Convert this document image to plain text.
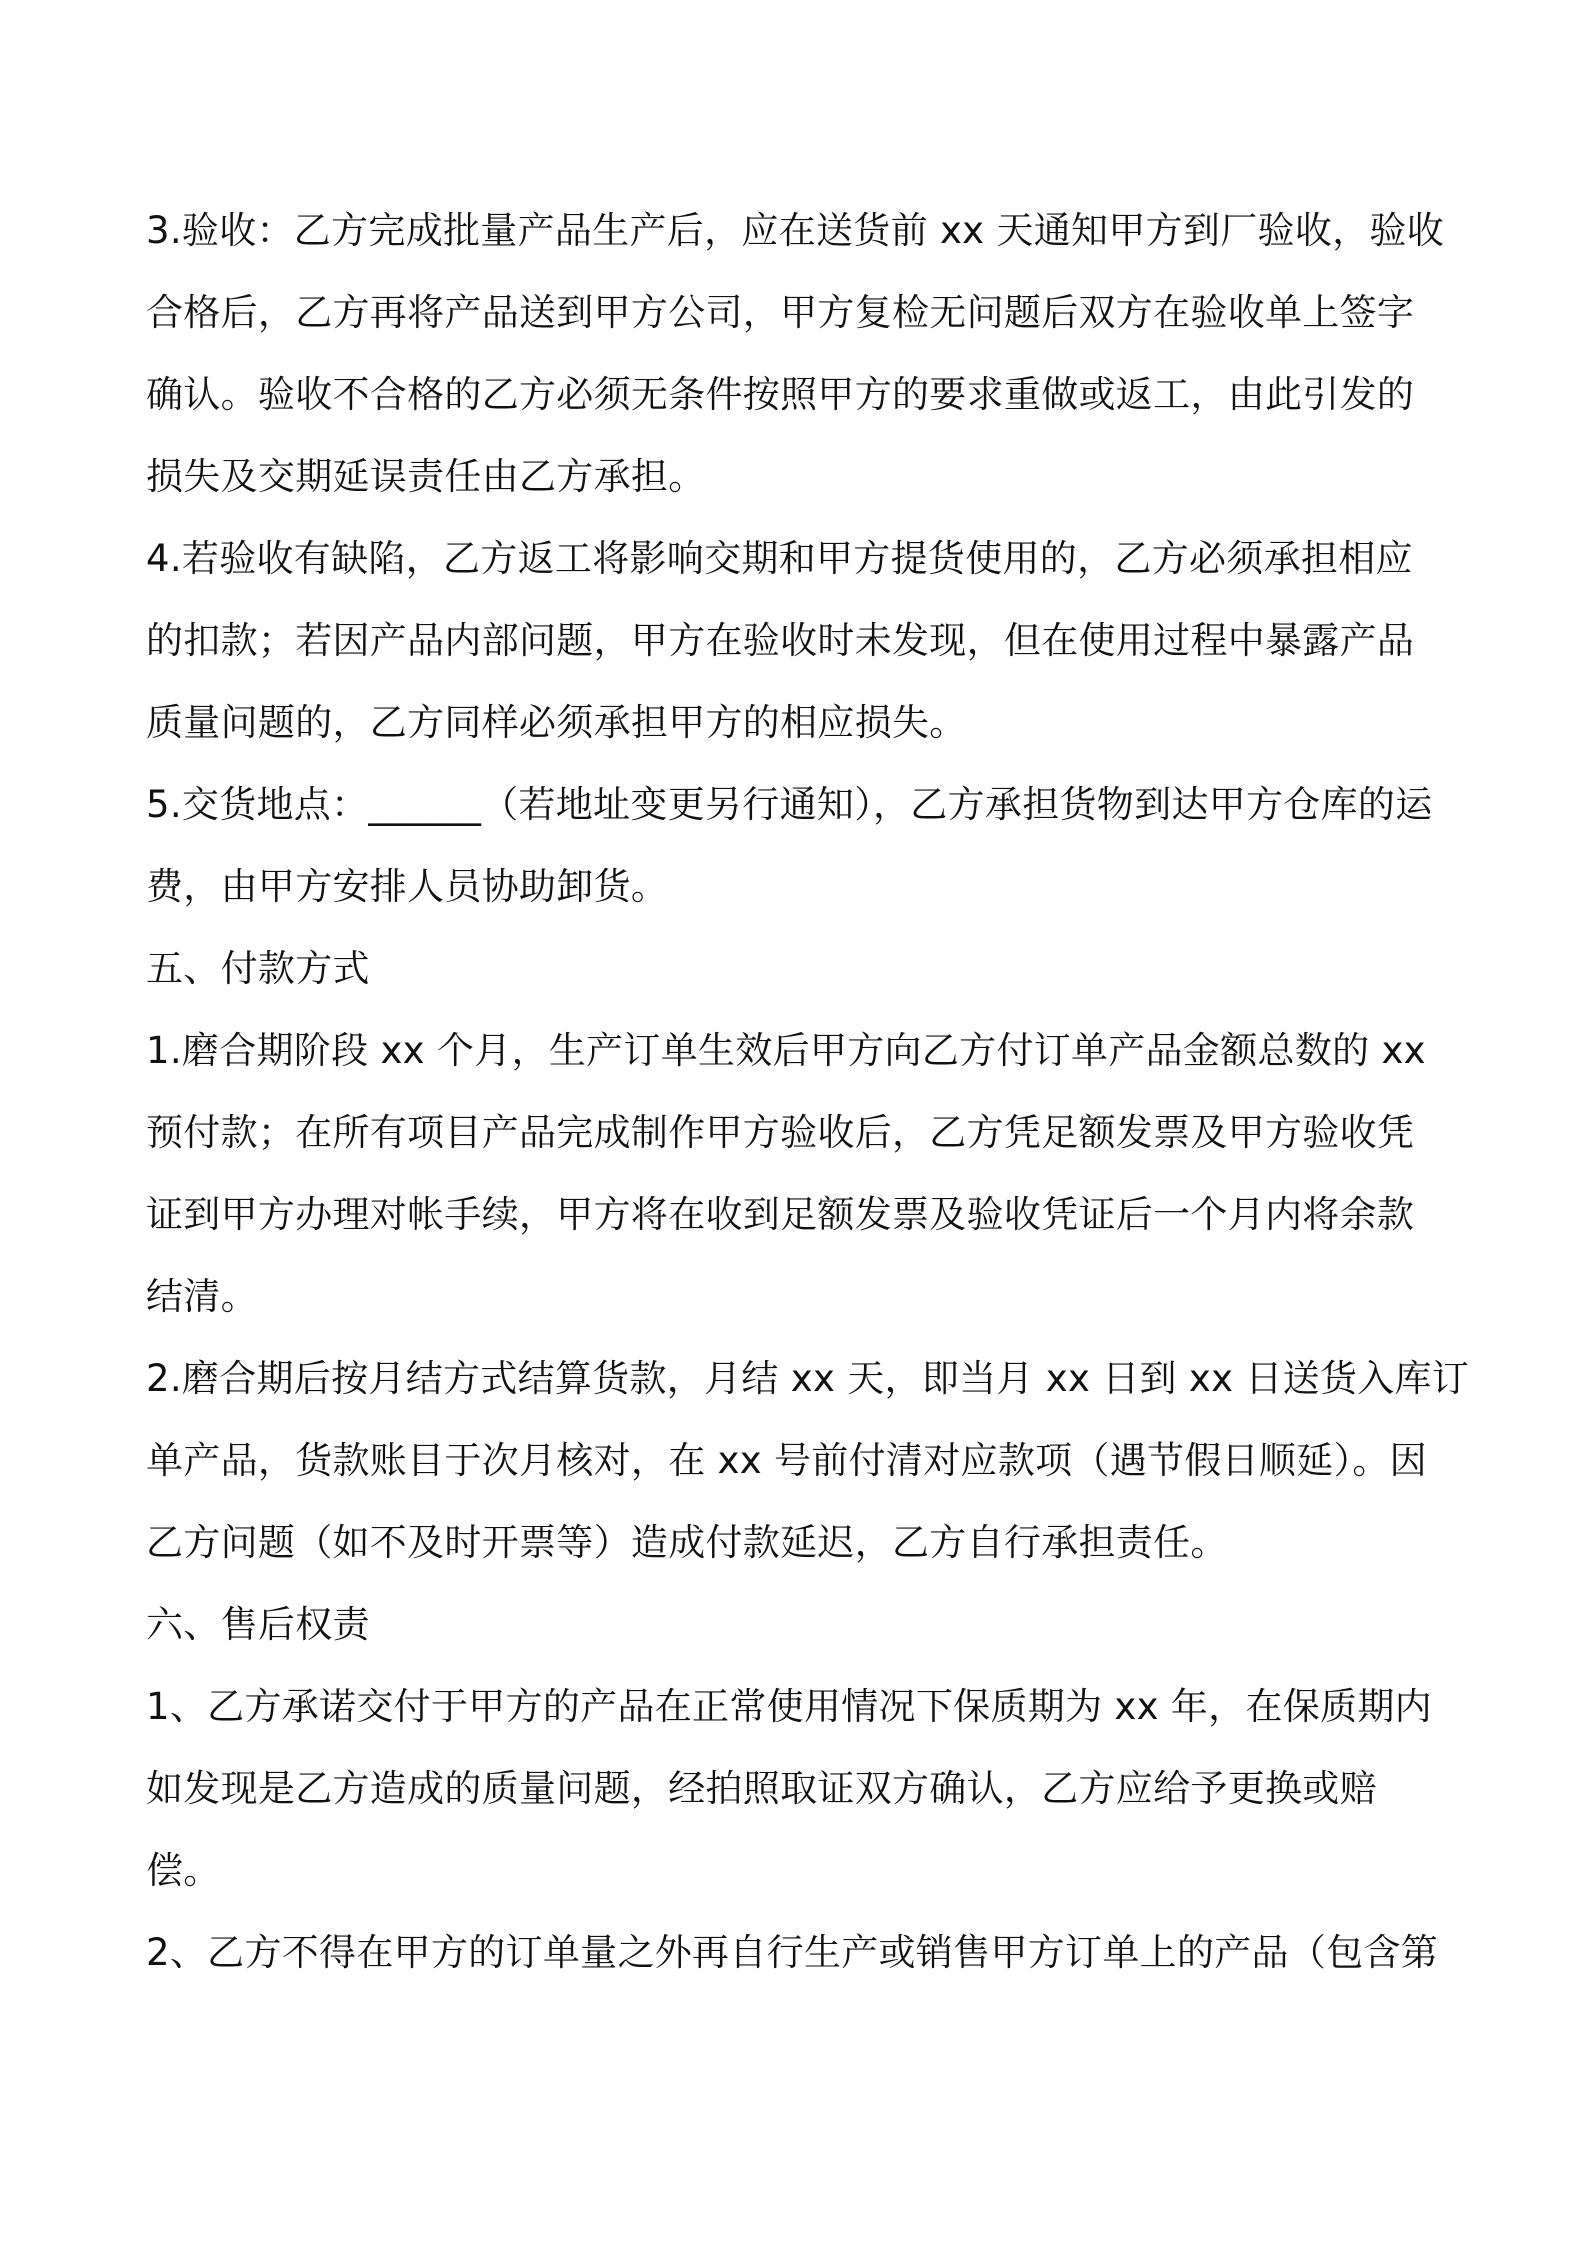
3.验收：乙方完成批量产品生产后，应在送货前 xx 天通知甲方到厂验收，验收
合格后，乙方再将产品送到甲方公司，甲方复检无问题后双方在验收单上签字
确认。验收不合格的乙方必须无条件按照甲方的要求重做或返工，由此引发的
损失及交期延误责任由乙方承担。
4.若验收有缺陷，乙方返工将影响交期和甲方提货使用的，乙方必须承担相应
的扣款；若因产品内部问题，甲方在验收时未发现，但在使用过程中暴露产品
质量问题的，乙方同样必须承担甲方的相应损失。
5.交货地点：______（若地址变更另行通知），乙方承担货物到达甲方仓库的运
费，由甲方安排人员协助卸货。
五、付款方式
1.磨合期阶段 xx 个月，生产订单生效后甲方向乙方付订单产品金额总数的 xx
预付款；在所有项目产品完成制作甲方验收后，乙方凭足额发票及甲方验收凭
证到甲方办理对帐手续，甲方将在收到足额发票及验收凭证后一个月内将余款
结清。
2.磨合期后按月结方式结算货款，月结 xx 天，即当月 xx 日到 xx 日送货入库订
单产品，货款账目于次月核对，在 xx 号前付清对应款项（遇节假日顺延）。因
乙方问题（如不及时开票等）造成付款延迟，乙方自行承担责任。
六、售后权责
1、乙方承诺交付于甲方的产品在正常使用情况下保质期为 xx 年，在保质期内
如发现是乙方造成的质量问题，经拍照取证双方确认，乙方应给予更换或赔
偿。
2、乙方不得在甲方的订单量之外再自行生产或销售甲方订单上的产品（包含第
